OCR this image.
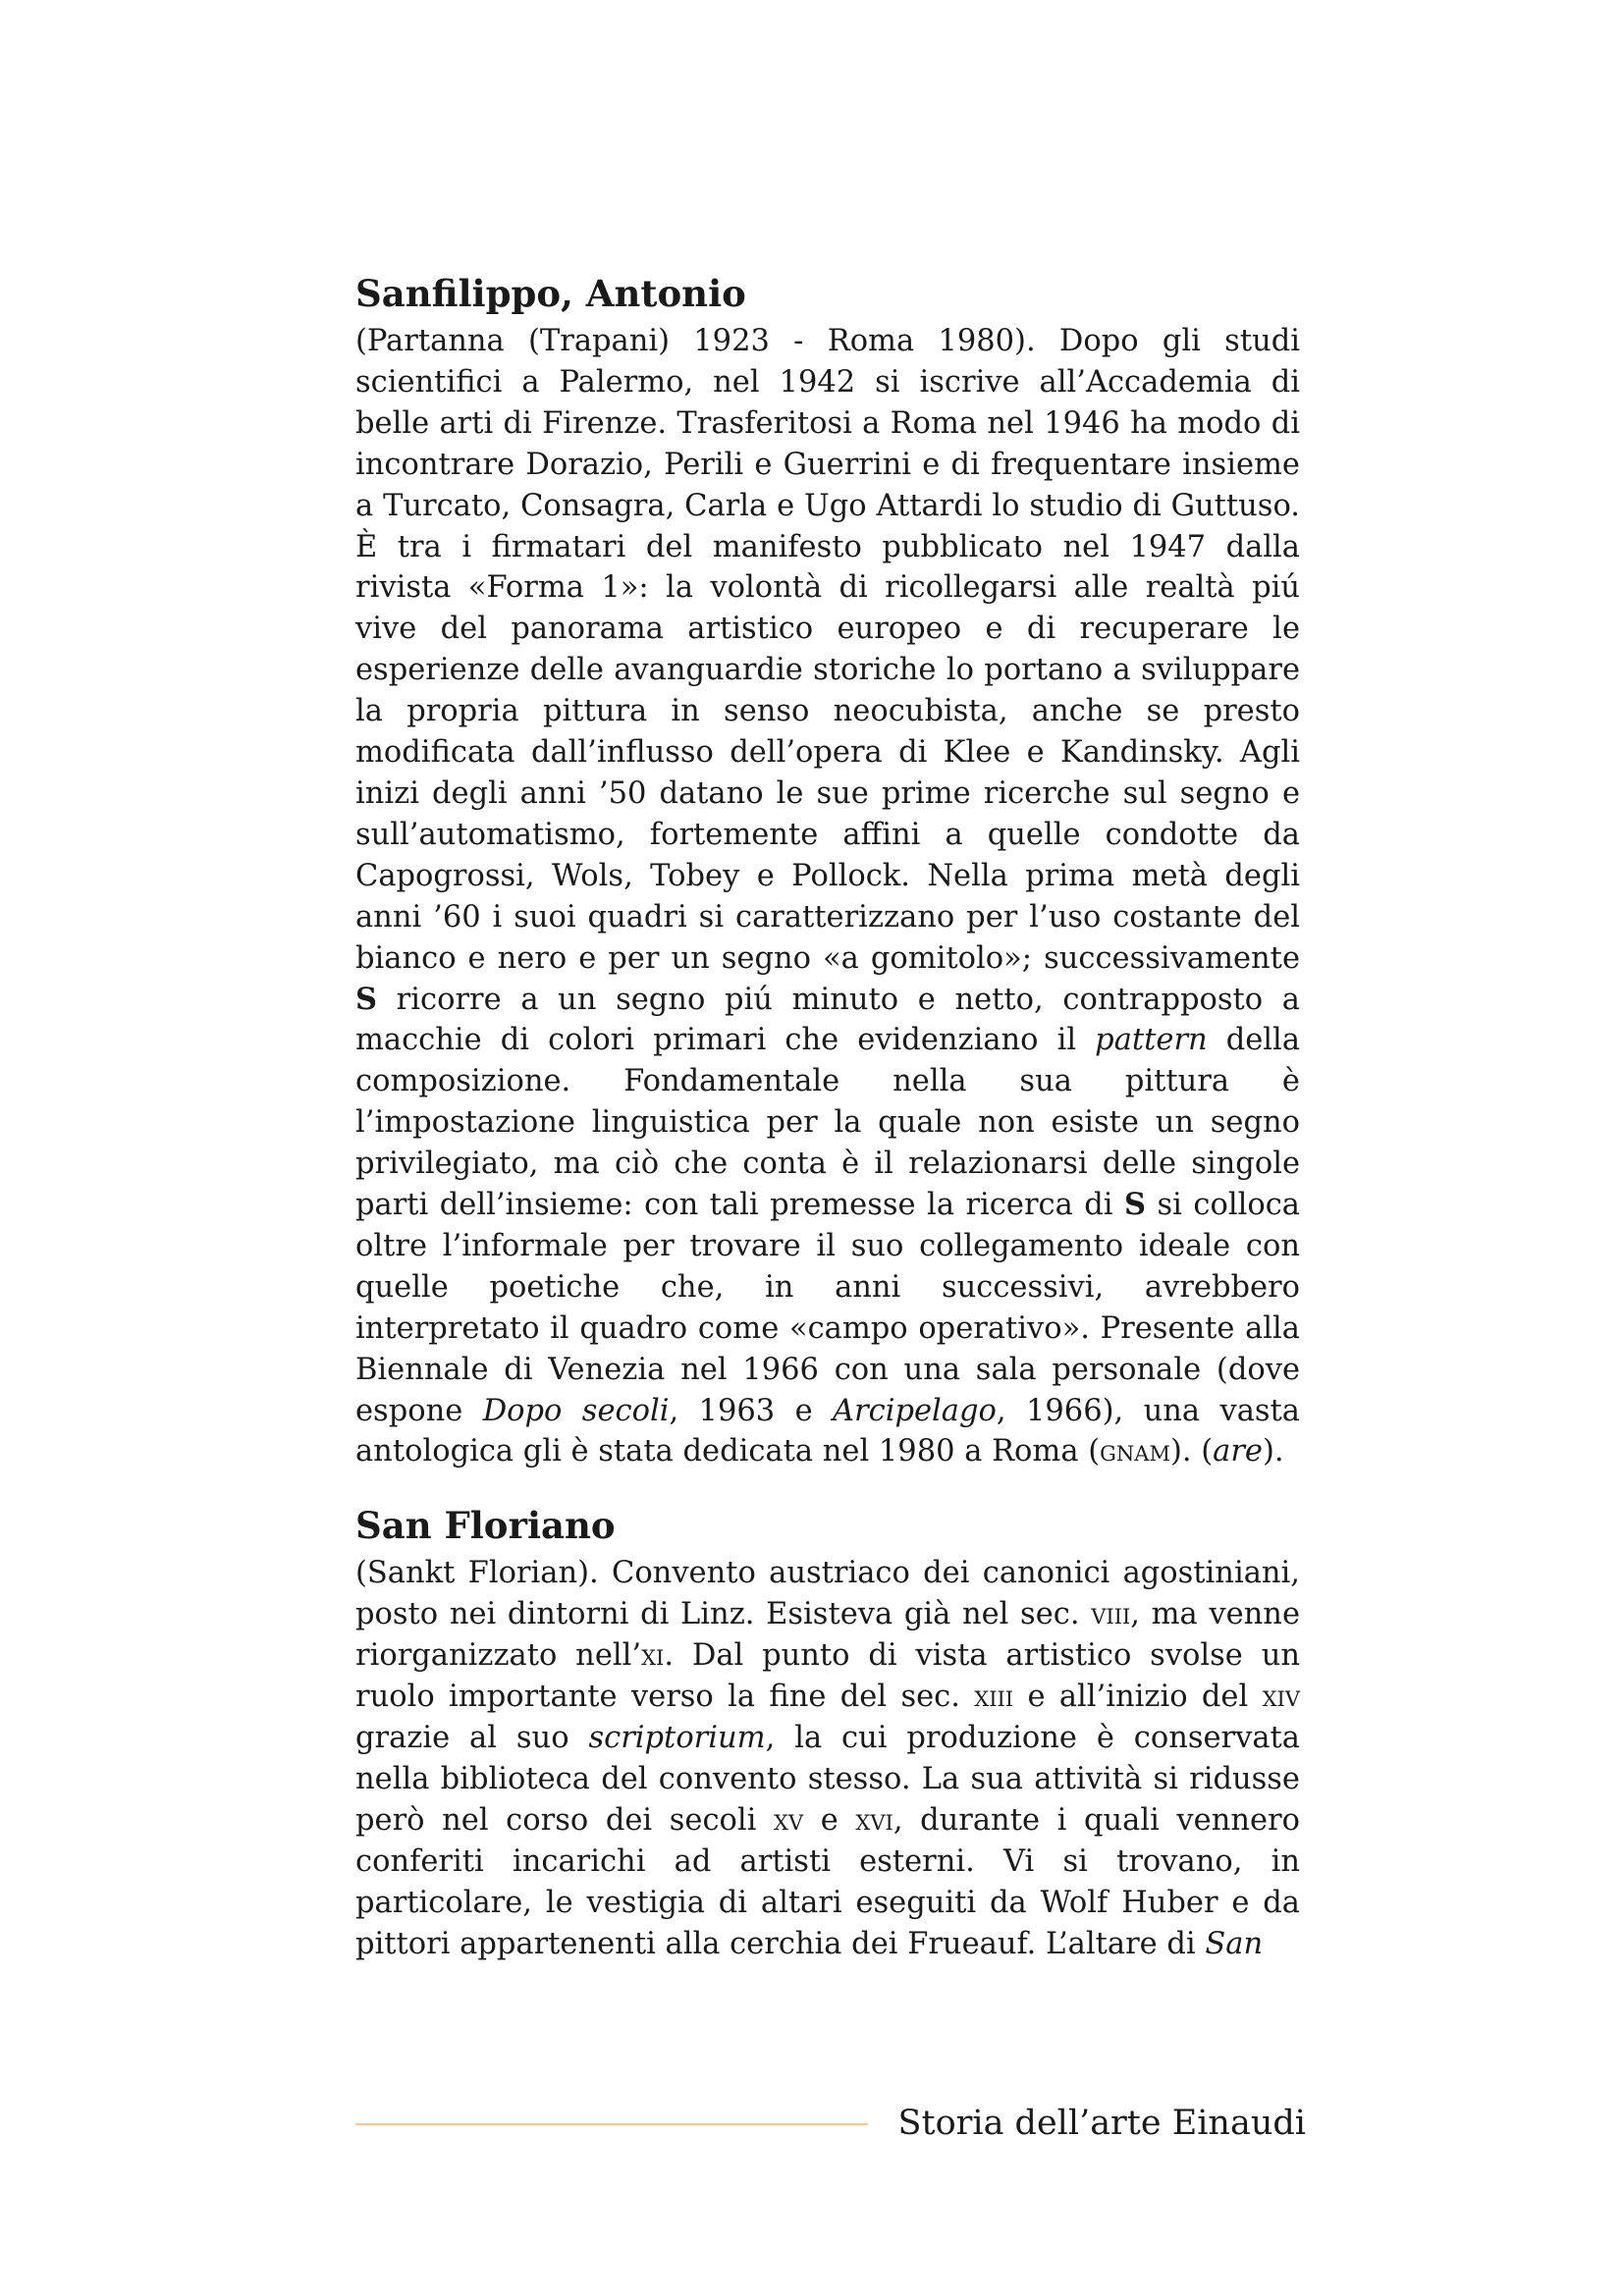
Sanfilippo, Antonio

(Partanna (Trapani) 1923 - Roma 1980). Dopo gli studi scientifici a Palermo, nel 1942 si iscrive all’Accademia di belle arti di Firenze. Trasferitosi a Roma nel 1946 ha modo di incontrare Dorazio, Perili e Guerrini e di frequentare insieme a Turcato, Consagra, Carla e Ugo Attardi lo studio di Guttuso. È tra i firmatari del manifesto pubblicato nel 1947 dalla rivista «Forma 1»: la volontà di ricollegarsi alle realtà piú vive del panorama artistico europeo e di recuperare le esperienze delle avanguardie storiche lo portano a sviluppare la propria pittura in senso neocubista, anche se presto modificata dall’influsso dell’opera di Klee e Kandinsky. Agli inizi degli anni ’50 datano le sue prime ricerche sul segno e sull’automatismo, fortemente affini a quelle condotte da Capogrossi, Wols, Tobey e Pollock. Nella prima metà degli anni ’60 i suoi quadri si caratterizzano per l’uso costante del bianco e nero e per un segno «a gomitolo»; successivamente S ricorre a un segno piú minuto e netto, contrapposto a macchie di colori primari che evidenziano il pattern della composizione. Fondamentale nella sua pittura è l’impostazione linguistica per la quale non esiste un segno privilegiato, ma ciò che conta è il relazionarsi delle singole parti dell’insieme: con tali premesse la ricerca di S si colloca oltre l’informale per trovare il suo collegamento ideale con quelle poetiche che, in anni successivi, avrebbero interpretato il quadro come «campo operativo». Presente alla Biennale di Venezia nel 1966 con una sala personale (dove espone Dopo secoli, 1963 e Arcipelago, 1966), una vasta antologica gli è stata dedicata nel 1980 a Roma (gnam). (are).

San Floriano

(Sankt Florian). Convento austriaco dei canonici agostiniani, posto nei dintorni di Linz. Esisteva già nel sec. viii, ma venne riorganizzato nell’xi. Dal punto di vista artistico svolse un ruolo importante verso la fine del sec. xiii e all’inizio del xiv grazie al suo scriptorium, la cui produzione è conservata nella biblioteca del convento stesso. La sua attività si ridusse però nel corso dei secoli xv e xvi, durante i quali vennero conferiti incarichi ad artisti esterni. Vi si trovano, in particolare, le vestigia di altari eseguiti da Wolf Huber e da pittori appartenenti alla cerchia dei Frueauf. L’altare di San

Storia dell’arte Einaudi
